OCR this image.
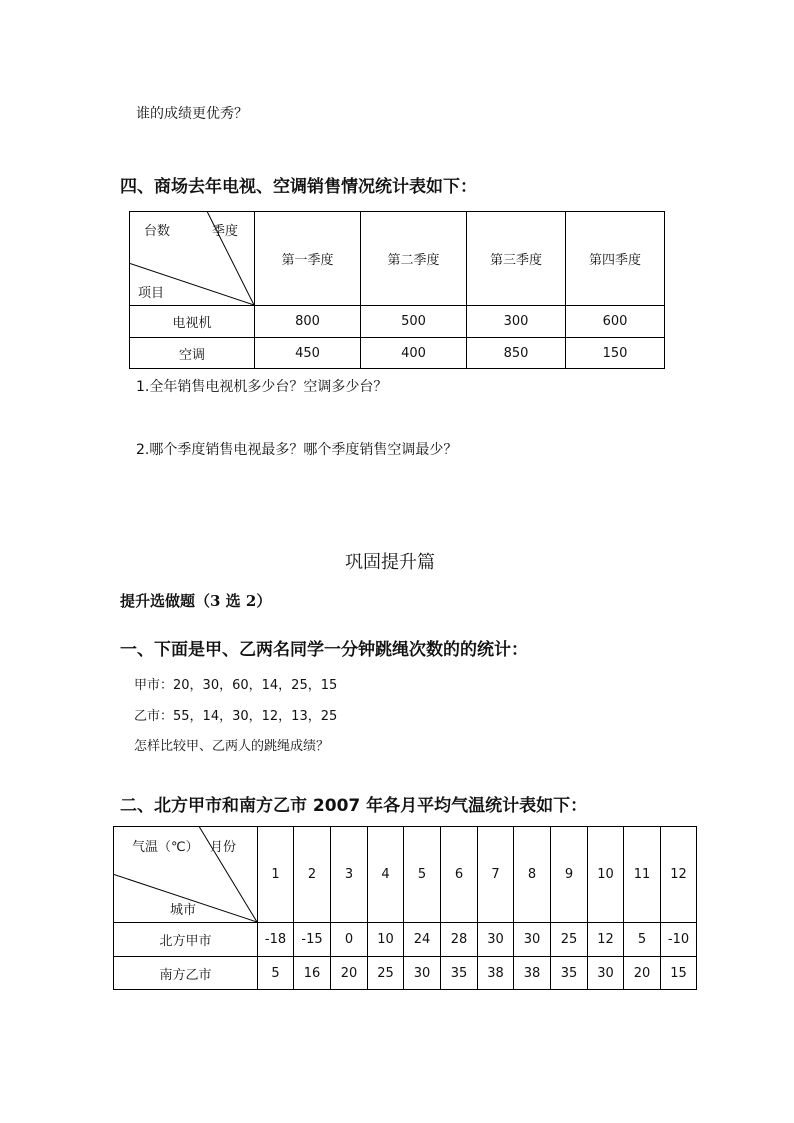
谁的成绩更优秀？
四、商场去年电视、空调销售情况统计表如下：
台数 季度
项目	第一季度	第二季度	第三季度	第四季度
电视机	800	500	300	600
空调	450	400	850	150
1.全年销售电视机多少台？空调多少台？
2.哪个季度销售电视最多？哪个季度销售空调最少？
巩固提升篇
提升选做题（3 选 2）
一、下面是甲、乙两名同学一分钟跳绳次数的的统计：
甲市：20，30，60，14，25，15
乙市：55，14，30，12，13，25
怎样比较甲、乙两人的跳绳成绩？
二、北方甲市和南方乙市 2007 年各月平均气温统计表如下：
气温（℃） 月份
城市	1	2	3	4	5	6	7	8	9	10	11	12
北方甲市	-18	-15	0	10	24	28	30	30	25	12	5	-10
南方乙市	5	16	20	25	30	35	38	38	35	30	20	15
